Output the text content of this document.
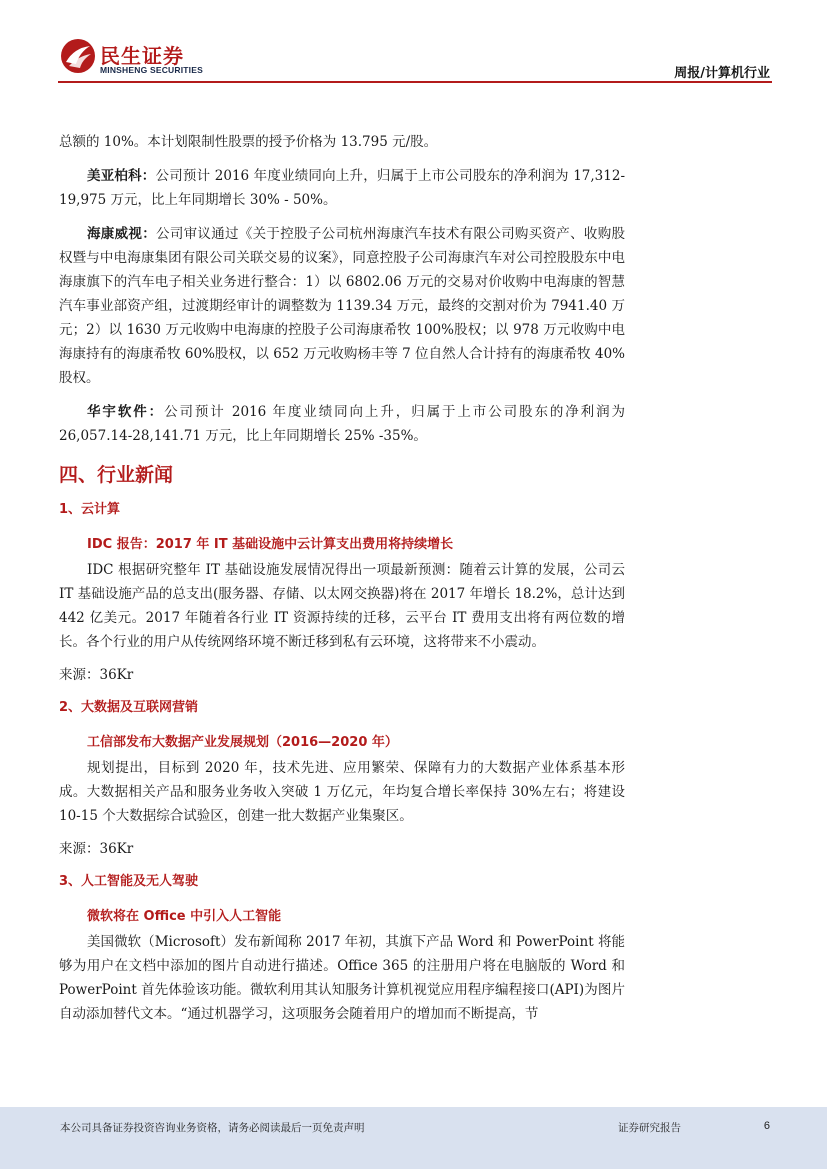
民生证券
MINSHENG SECURITIES	周报/计算机行业

总额的 10%。本计划限制性股票的授予价格为 13.795 元/股。

美亚柏科：公司预计 2016 年度业绩同向上升，归属于上市公司股东的净利润为 17,312-19,975 万元，比上年同期增长 30% - 50%。

海康威视：公司审议通过《关于控股子公司杭州海康汽车技术有限公司购买资产、收购股权暨与中电海康集团有限公司关联交易的议案》，同意控股子公司海康汽车对公司控股股东中电海康旗下的汽车电子相关业务进行整合：1）以 6802.06 万元的交易对价收购中电海康的智慧汽车事业部资产组，过渡期经审计的调整数为 1139.34 万元，最终的交割对价为 7941.40 万元；2）以 1630 万元收购中电海康的控股子公司海康希牧 100%股权；以 978 万元收购中电海康持有的海康希牧 60%股权，以 652 万元收购杨丰等 7 位自然人合计持有的海康希牧 40%股权。

华宇软件：公司预计 2016 年度业绩同向上升，归属于上市公司股东的净利润为 26,057.14-28,141.71 万元，比上年同期增长 25% -35%。

四、行业新闻
1、云计算
IDC 报告：2017 年 IT 基础设施中云计算支出费用将持续增长

IDC 根据研究整年 IT 基础设施发展情况得出一项最新预测：随着云计算的发展，公司云 IT 基础设施产品的总支出(服务器、存储、以太网交换器)将在 2017 年增长 18.2%，总计达到 442 亿美元。2017 年随着各行业 IT 资源持续的迁移，云平台 IT 费用支出将有两位数的增长。各个行业的用户从传统网络环境不断迁移到私有云环境，这将带来不小震动。

来源：36Kr

2、大数据及互联网营销
工信部发布大数据产业发展规划（2016—2020 年）

规划提出，目标到 2020 年，技术先进、应用繁荣、保障有力的大数据产业体系基本形成。大数据相关产品和服务业务收入突破 1 万亿元，年均复合增长率保持 30%左右；将建设 10-15 个大数据综合试验区，创建一批大数据产业集聚区。

来源：36Kr

3、人工智能及无人驾驶
微软将在 Office 中引入人工智能

美国微软（Microsoft）发布新闻称 2017 年初，其旗下产品 Word 和 PowerPoint 将能够为用户在文档中添加的图片自动进行描述。Office 365 的注册用户将在电脑版的 Word 和 PowerPoint 首先体验该功能。微软利用其认知服务计算机视觉应用程序编程接口(API)为图片自动添加替代文本。“通过机器学习，这项服务会随着用户的增加而不断提高，节

本公司具备证券投资咨询业务资格，请务必阅读最后一页免责声明	证券研究报告	6
